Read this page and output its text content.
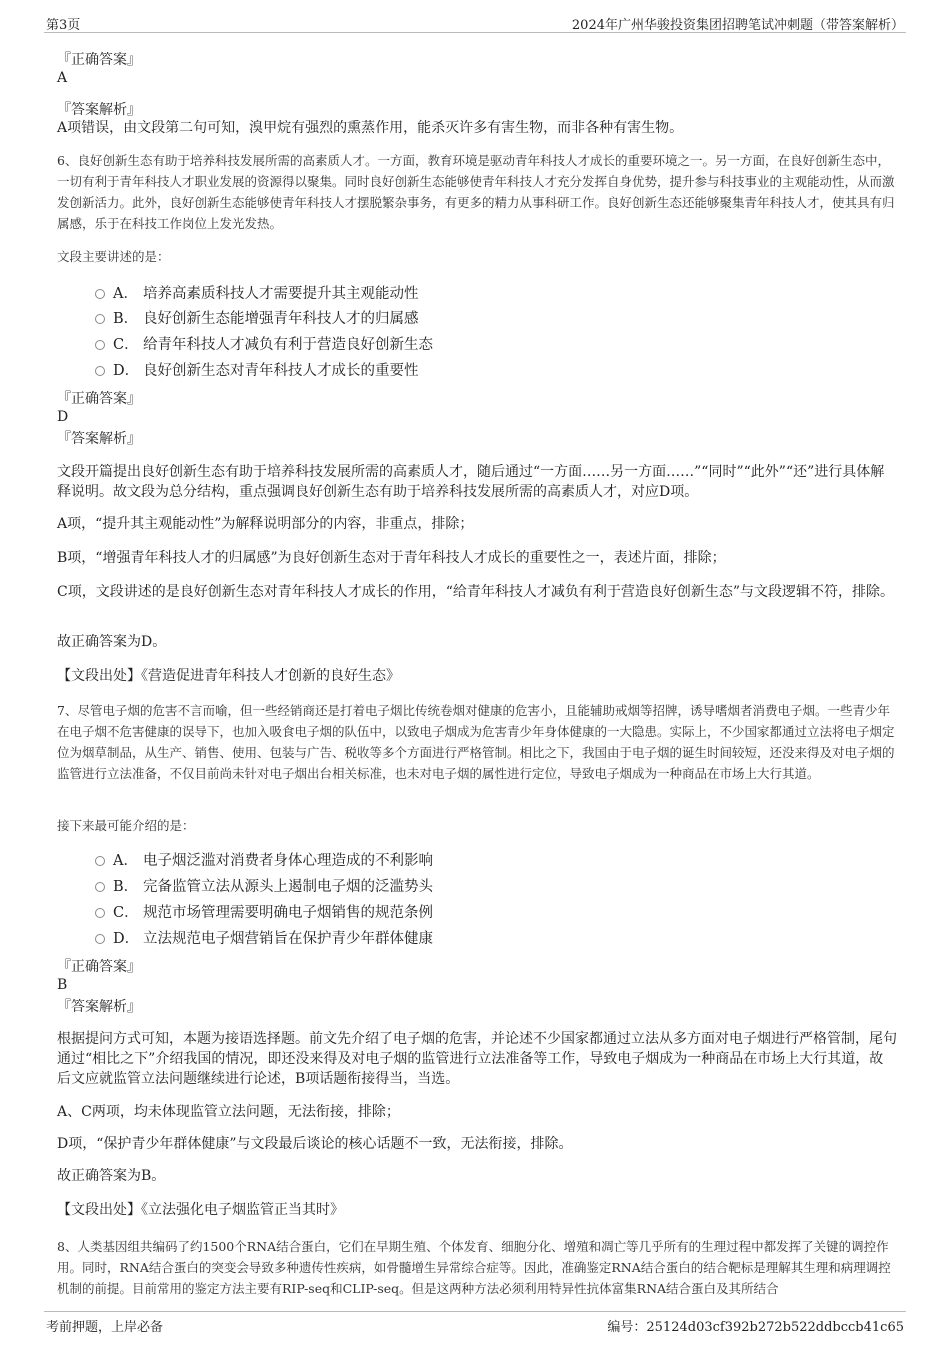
第3页	2024年广州华骏投资集团招聘笔试冲刺题（带答案解析）
『正确答案』
A
『答案解析』
A项错误，由文段第二句可知，溴甲烷有强烈的熏蒸作用，能杀灭许多有害生物，而非各种有害生物。
6、良好创新生态有助于培养科技发展所需的高素质人才。一方面，教育环境是驱动青年科技人才成长的重要环境之一。另一方面，在良好创新生态中，一切有利于青年科技人才职业发展的资源得以聚集。同时良好创新生态能够使青年科技人才充分发挥自身优势，提升参与科技事业的主观能动性，从而激发创新活力。此外，良好创新生态能够使青年科技人才摆脱繁杂事务，有更多的精力从事科研工作。良好创新生态还能够聚集青年科技人才，使其具有归属感，乐于在科技工作岗位上发光发热。
文段主要讲述的是：
A． 培养高素质科技人才需要提升其主观能动性
B． 良好创新生态能增强青年科技人才的归属感
C． 给青年科技人才减负有利于营造良好创新生态
D． 良好创新生态对青年科技人才成长的重要性
『正确答案』
D
『答案解析』
文段开篇提出良好创新生态有助于培养科技发展所需的高素质人才，随后通过“一方面……另一方面……”“同时”“此外”“还”进行具体解释说明。故文段为总分结构，重点强调良好创新生态有助于培养科技发展所需的高素质人才，对应D项。
A项，“提升其主观能动性”为解释说明部分的内容，非重点，排除；
B项，“增强青年科技人才的归属感”为良好创新生态对于青年科技人才成长的重要性之一，表述片面，排除；
C项，文段讲述的是良好创新生态对青年科技人才成长的作用，“给青年科技人才减负有利于营造良好创新生态”与文段逻辑不符，排除。
故正确答案为D。
【文段出处】《营造促进青年科技人才创新的良好生态》
7、尽管电子烟的危害不言而喻，但一些经销商还是打着电子烟比传统卷烟对健康的危害小，且能辅助戒烟等招牌，诱导嗜烟者消费电子烟。一些青少年在电子烟不危害健康的误导下，也加入吸食电子烟的队伍中，以致电子烟成为危害青少年身体健康的一大隐患。实际上，不少国家都通过立法将电子烟定位为烟草制品，从生产、销售、使用、包装与广告、税收等多个方面进行严格管制。相比之下，我国由于电子烟的诞生时间较短，还没来得及对电子烟的监管进行立法准备，不仅目前尚未针对电子烟出台相关标准，也未对电子烟的属性进行定位，导致电子烟成为一种商品在市场上大行其道。
接下来最可能介绍的是：
A． 电子烟泛滥对消费者身体心理造成的不利影响
B． 完备监管立法从源头上遏制电子烟的泛滥势头
C． 规范市场管理需要明确电子烟销售的规范条例
D． 立法规范电子烟营销旨在保护青少年群体健康
『正确答案』
B
『答案解析』
根据提问方式可知，本题为接语选择题。前文先介绍了电子烟的危害，并论述不少国家都通过立法从多方面对电子烟进行严格管制，尾句通过“相比之下”介绍我国的情况，即还没来得及对电子烟的监管进行立法准备等工作，导致电子烟成为一种商品在市场上大行其道，故后文应就监管立法问题继续进行论述，B项话题衔接得当，当选。
A、C两项，均未体现监管立法问题，无法衔接，排除；
D项，“保护青少年群体健康”与文段最后谈论的核心话题不一致，无法衔接，排除。
故正确答案为B。
【文段出处】《立法强化电子烟监管正当其时》
8、人类基因组共编码了约1500个RNA结合蛋白，它们在早期生殖、个体发育、细胞分化、增殖和凋亡等几乎所有的生理过程中都发挥了关键的调控作用。同时，RNA结合蛋白的突变会导致多种遗传性疾病，如骨髓增生异常综合症等。因此，准确鉴定RNA结合蛋白的结合靶标是理解其生理和病理调控机制的前提。目前常用的鉴定方法主要有RIP-seq和CLIP-seq。但是这两种方法必须利用特异性抗体富集RNA结合蛋白及其所结合
考前押题，上岸必备	编号：25124d03cf392b272b522ddbccb41c65
